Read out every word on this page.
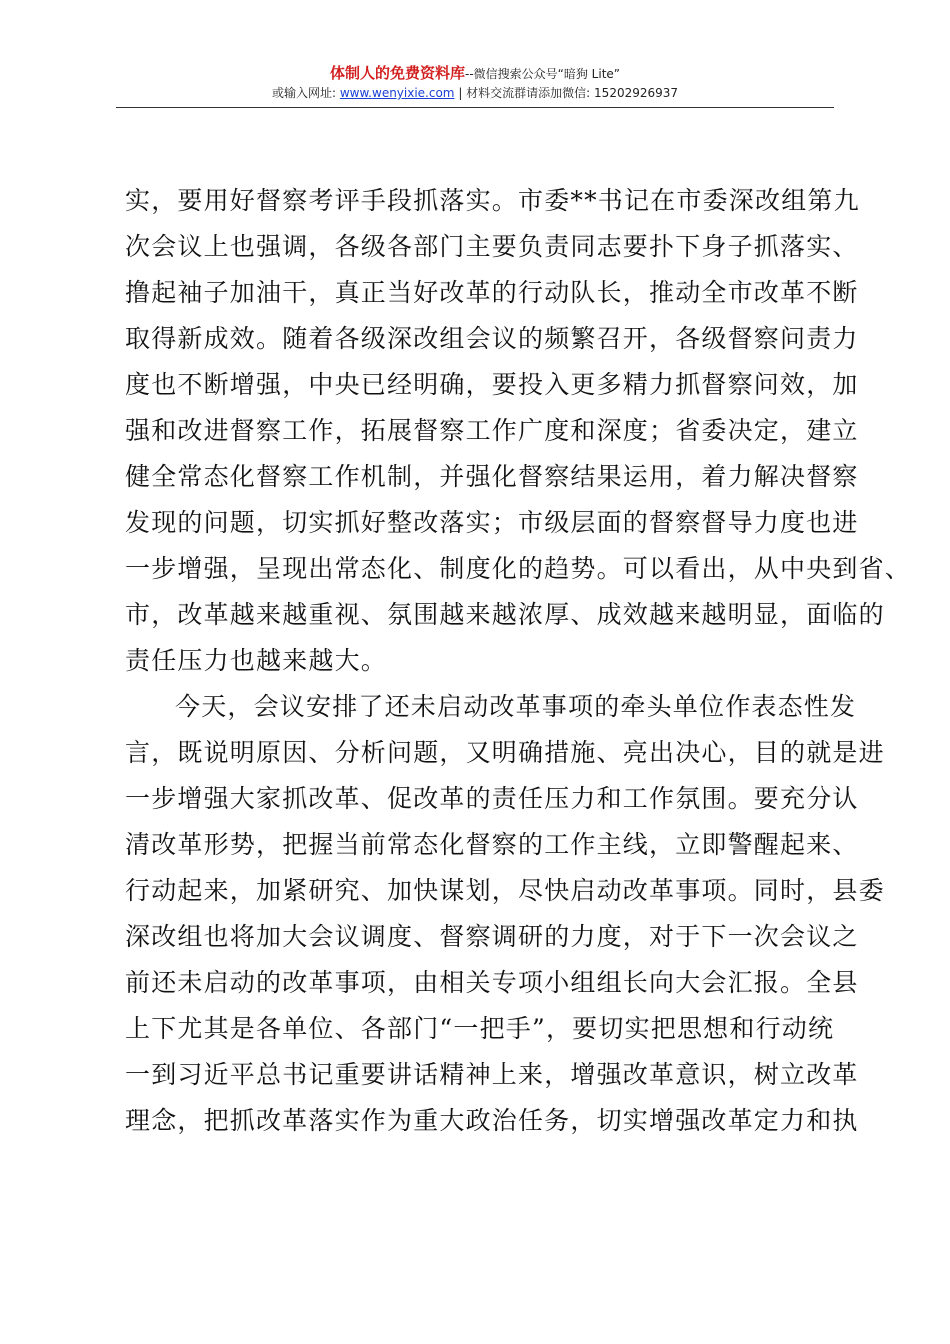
体制人的免费资料库--微信搜索公众号“暗狗 Lite”
或输入网址: www.wenyixie.com | 材料交流群请添加微信: 15202926937
实，要用好督察考评手段抓落实。市委**书记在市委深改组第九
次会议上也强调，各级各部门主要负责同志要扑下身子抓落实、
撸起袖子加油干，真正当好改革的行动队长，推动全市改革不断
取得新成效。随着各级深改组会议的频繁召开，各级督察问责力
度也不断增强，中央已经明确，要投入更多精力抓督察问效，加
强和改进督察工作，拓展督察工作广度和深度；省委决定，建立
健全常态化督察工作机制，并强化督察结果运用，着力解决督察
发现的问题，切实抓好整改落实；市级层面的督察督导力度也进
一步增强，呈现出常态化、制度化的趋势。可以看出，从中央到省、
市，改革越来越重视、氛围越来越浓厚、成效越来越明显，面临的
责任压力也越来越大。
今天，会议安排了还未启动改革事项的牵头单位作表态性发
言，既说明原因、分析问题，又明确措施、亮出决心，目的就是进
一步增强大家抓改革、促改革的责任压力和工作氛围。要充分认
清改革形势，把握当前常态化督察的工作主线，立即警醒起来、
行动起来，加紧研究、加快谋划，尽快启动改革事项。同时，县委
深改组也将加大会议调度、督察调研的力度，对于下一次会议之
前还未启动的改革事项，由相关专项小组组长向大会汇报。全县
上下尤其是各单位、各部门“一把手”，要切实把思想和行动统
一到习近平总书记重要讲话精神上来，增强改革意识，树立改革
理念，把抓改革落实作为重大政治任务，切实增强改革定力和执
